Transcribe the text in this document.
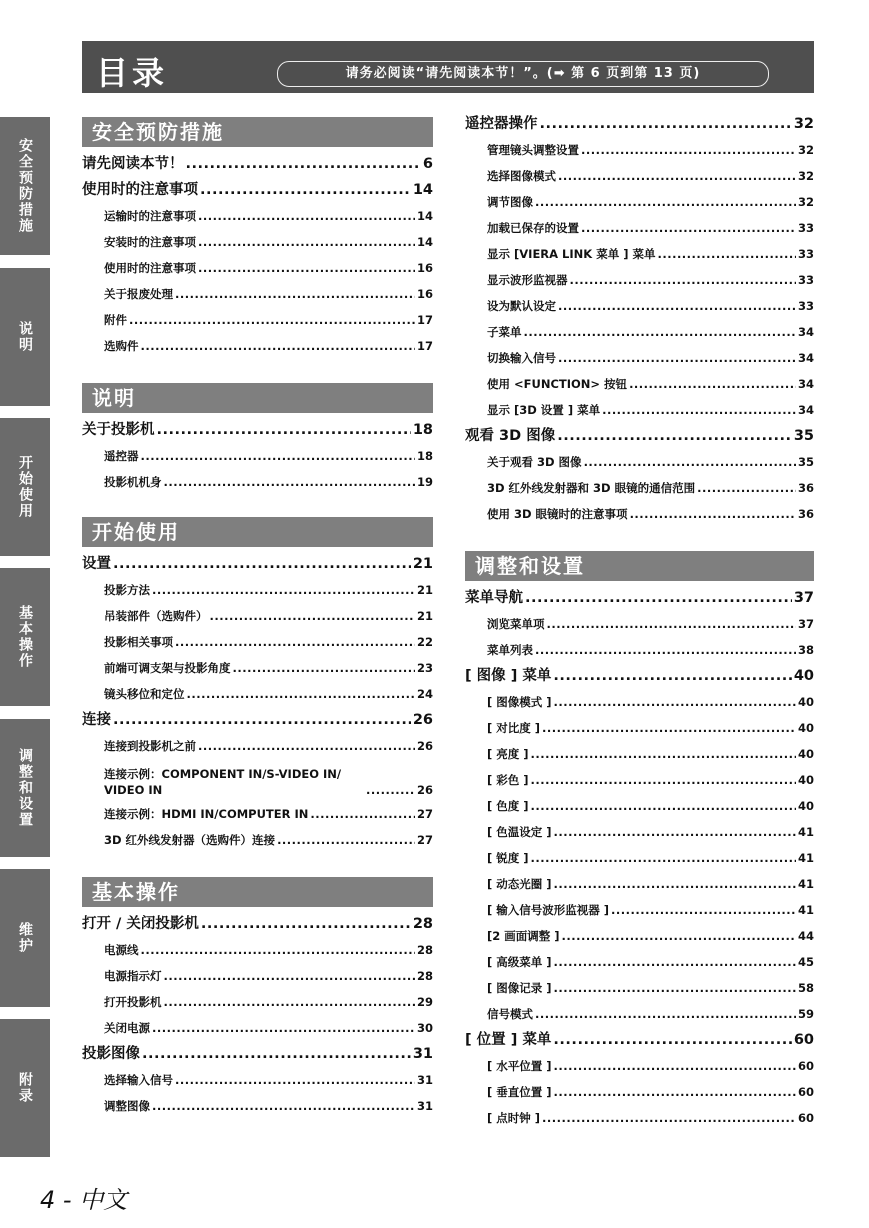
目录	请务必阅读“请先阅读本节！”。(➡ 第 6 页到第 13 页)
安全预防措施
说明
开始使用
基本操作
调整和设置
维护
附录
安全预防措施
请先阅读本节！ .....	6
使用时的注意事项 .....	14
运输时的注意事项 .....	14
安装时的注意事项 .....	14
使用时的注意事项 .....	16
关于报废处理 .....	16
附件 .....	17
选购件 .....	17
说明
关于投影机 .....	18
遥控器 .....	18
投影机机身 .....	19
开始使用
设置 .....	21
投影方法 .....	21
吊装部件（选购件） .....	21
投影相关事项 .....	22
前端可调支架与投影角度 .....	23
镜头移位和定位 .....	24
连接 .....	26
连接到投影机之前 .....	26
连接示例：COMPONENT IN/S-VIDEO IN/ VIDEO IN .....	26
连接示例：HDMI IN/COMPUTER IN .....	27
3D 红外线发射器（选购件）连接 .....	27
基本操作
打开 / 关闭投影机 .....	28
电源线 .....	28
电源指示灯 .....	28
打开投影机 .....	29
关闭电源 .....	30
投影图像 .....	31
选择输入信号 .....	31
调整图像 .....	31
遥控器操作 .....	32
管理镜头调整设置 .....	32
选择图像模式 .....	32
调节图像 .....	32
加载已保存的设置 .....	33
显示 [VIERA LINK 菜单 ] 菜单 .....	33
显示波形监视器 .....	33
设为默认设定 .....	33
子菜单 .....	34
切换输入信号 .....	34
使用 <FUNCTION> 按钮 .....	34
显示 [3D 设置 ] 菜单 .....	34
观看 3D 图像 .....	35
关于观看 3D 图像 .....	35
3D 红外线发射器和 3D 眼镜的通信范围 .....	36
使用 3D 眼镜时的注意事项 .....	36
调整和设置
菜单导航 .....	37
浏览菜单项 .....	37
菜单列表 .....	38
[ 图像 ] 菜单 .....	40
[ 图像模式 ] .....	40
[ 对比度 ] .....	40
[ 亮度 ] .....	40
[ 彩色 ] .....	40
[ 色度 ] .....	40
[ 色温设定 ] .....	41
[ 锐度 ] .....	41
[ 动态光圈 ] .....	41
[ 输入信号波形监视器 ] .....	41
[2 画面调整 ] .....	44
[ 高级菜单 ] .....	45
[ 图像记录 ] .....	58
信号模式 .....	59
[ 位置 ] 菜单 .....	60
[ 水平位置 ] .....	60
[ 垂直位置 ] .....	60
[ 点时钟 ] .....	60
4 - 中文
